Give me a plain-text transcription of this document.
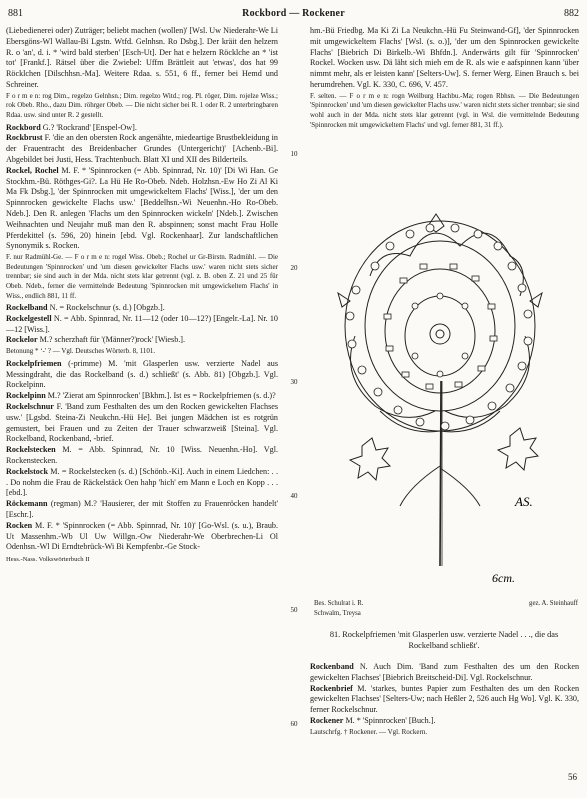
881	Rockbord — Rockener	882

(Liebedienerei oder) Zuträger; beliebt machen (wollen)' [Wsl. Uw Niederahr-We Li Ebersgöns-Wl Wallau-Bi Lgstn. Wtfd. Gelnhsn. Ro Dsbg.]. Der kräit den helzern R. o 'an', d. i. * 'wird bald sterben' [Esch-Ut]. Der hat e helzern Röcklche an * 'ist tot' [Frankf.]. Rätsel über die Zwiebel: Uffm Brättleit aut 'etwas', dos hat 99 Röcklchen [Dilschhsn.-Ma]. Weitere Rdaa. s. 551, 6 ff., ferner bei Hemd und Schreiner.

F o r m e n: rog Dim., regelzo Gelnhsn.; Dim. regelzo Witd.; rog. Pl. röger, Dim. rojelze Wiss.; rok Obeb. Rho., dazu Dim. röhrger Obeb. — Die nicht sicher bei R. 1 oder R. 2 unterbringbaren Rdaa. usw. sind unter R. 2 gestellt.

Rockbord G.? 'Rockrand' [Enspel-Ow].

Rockbrust F. 'die an den obersten Rock angenähte, miedeartige Brustbekleidung in der Frauentracht des Breidenbacher Grundes (Untergericht)' [Achenb.-Bi]. Abgebildet bei Justi, Hess. Trachtenbuch. Blatt XI und XII des Bilderteils.

Rockel, Rochel M. F. * 'Spinnrocken (= Abb. Spinnrad, Nr. 10)' [Di Wi Han. Ge Stockhm.-Bü. Röthges-Gi?. La Hü He Ro-Obeb. Ndeb. Holzhsn.-Ew Ho Zi Al Ki Ma Fk Dsbg.], 'der Spinnrocken mit umgewickeltem Flachs' [Wiss.], 'der um den Spinnrocken gewickelte Flachs usw.' [Beddelhsn.-Wi Neuenhn.-Ho Ro-Obeb. Ndeb.]. Den R. anlegen 'Flachs um den Spinnrocken wickeln' [Ndeb.]. Zwischen Weihnachten und Neujahr muß man den R. abspinnen; sonst macht Frau Holle Pferdekittel (s. 596, 20) hinein [ebd. Vgl. Rockenhaar]. Zur landschaftlichen Synonymik s. Rocken.

F. nur Radmühl-Ge. — F o r m e n: rogel Wiss. Obeb.; Rochel ur Gr-Birstn. Radmühl. — Die Bedeutungen 'Spinnrocken' und 'um diesen gewickelter Flachs usw.' waren nicht stets sicher trennbar; sie sind auch in der Mda. nicht stets klar getrennt (vgl. z. B. oben Z. 21 und 25 für Obeb. Ndeb., ferner die vermittelnde Bedeutung 'Spinnrocken mit umgewickeltem Flachs' in Wiss., endlich 881, 11 ff.

Rockelband N. = Rockelschnur (s. d.) [Obgzb.].

Rockelgestell N. = Abb. Spinnrad, Nr. 11—12 (oder 10—12?) [Engelr.-La]. Nr. 10—12 [Wiss.].

Rockelor M.? scherzhaft für '(Männer?)rock' [Wiesb.].

Betonung * ʻ-' ? — Vgl. Deutsches Wörterb. 8, 1101.

Rockelpfriemen (-primme) M. 'mit Glasperlen usw. verzierte Nadel aus Messingdraht, die das Rockelband (s. d.) schließt' (s. Abb. 81) [Obgzb.]. Vgl. Rockelpinn.

Rockelpinn M.? 'Zierat am Spinnrocken' [Bkhm.]. Ist es = Rockelpfriemen (s. d.)?

Rockelschnur F. 'Band zum Festhalten des um den Rocken gewickelten Flachses usw.' [Lgsbd. Steina-Zi Neukchn.-Hü He]. Bei jungen Mädchen ist es rotgrün gemustert, bei Frauen und zu Zeiten der Trauer schwarzweiß [Steina]. Vgl. Rockelband, Rockenband, -brief.

Rockelstecken M. = Abb. Spinnrad, Nr. 10 [Wiss. Neuenhn.-Ho]. Vgl. Rockenstecken.

Rockelstock M. = Rockelstecken (s. d.) [Schönb.-Ki]. Auch in einem Liedchen: . . . Do nohm die Frau de Räckelstäck Oen hahp 'hich' em Mann e Loch en Kopp . . . [ebd.].

Röckemann (regman) M.? 'Hausierer, der mit Stoffen zu Frauenröcken handelt' [Eschr.].

Rocken M. F. * 'Spinnrocken (= Abb. Spinnrad, Nr. 10)' [Go-Wsl. (s. u.), Braub. Ut Massenhm.-Wb Ul Uw Willgn.-Ow Niederahr-We Oberbrechen-Li Ol Odenhsn.-Wl Di Erndtebrück-Wi Bi Kempfenbr.-Ge Stock-

Hess.-Nass. Volkswörterbuch II
10
20
30
40
50
60

hm.-Bü Friedbg. Ma Ki Zi La Neukchn.-Hü Fu Steinwand-Gf], 'der Spinnrocken mit umgewickeltem Flachs' [Wsl. (s. o.)], 'der um den Spinnrocken gewickelte Flachs' [Biebrich Di Birkelb.-Wi Bhfdn.]. Anderwärts gilt für 'Spinnrocken' Rockel. Wocken usw. Dä läht sich mieh em de R. als wie e aafspinnen kann 'über nimmt mehr, als er leisten kann' [Selters-Uw]. S. ferner Werg. Einen Brauch s. bei herumdrehen. Vgl. K. 330, C. 696, V. 457.

F. selten. — F o r m e n: rogn Weilburg Hachbu.-Ma; rogen Rbhsn. — Die Bedeutungen 'Spinnrocken' und 'um diesen gewickelter Flachs usw.' waren nicht stets sicher trennbar; sie sind wohl auch in der Mda. nicht stets klar getrennt (vgl. in Wsl. die vermittelnde Bedeutung 'Spinnrocken mit umgewickeltem Flachs' und vgl. ferner 881, 31 ff.).

AS.
6cm.
Bes. Schulrat i. R.	gez. A. Steinhauff
Schwalm, Treysa
81. Rockelpfriemen 'mit Glasperlen usw. verzierte Nadel . . ., die das Rockelband schließt'.

Rockenband N. Auch Dim. 'Band zum Festhalten des um den Rocken gewickelten Flachses' [Biebrich Breitscheid-Di]. Vgl. Rockelschnur.

Rockenbrief M. 'starkes, buntes Papier zum Festhalten des um den Rocken gewickelten Flachses' [Selters-Uw; nach Heßler 2, 526 auch Hg Wo]. Vgl. K. 330, ferner Rockelschnur.

Rockener M. * 'Spinnrocken' [Buch.].

Lautschrfg. † Rockener. — Vgl. Rockern.

56
